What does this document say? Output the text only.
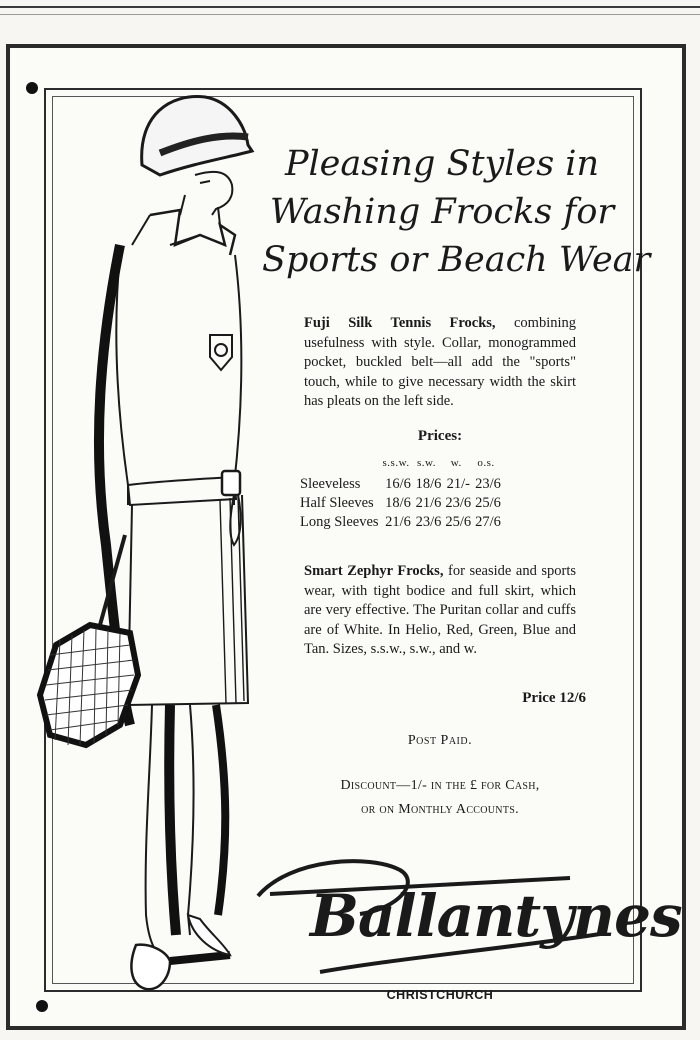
Pleasing Styles in
Washing Frocks for
Sports or Beach Wear
Fuji Silk Tennis Frocks, combining usefulness with style. Collar, monogrammed pocket, buckled belt—all add the "sports" touch, while to give necessary width the skirt has pleats on the left side.
Prices:
	s.s.w.	s.w.	w.	o.s.
Sleeveless	16/6	18/6	21/-	23/6
Half Sleeves	18/6	21/6	23/6	25/6
Long Sleeves	21/6	23/6	25/6	27/6
Smart Zephyr Frocks, for seaside and sports wear, with tight bodice and full skirt, which are very effective. The Puritan collar and cuffs are of White. In Helio, Red, Green, Blue and Tan. Sizes, s.s.w., s.w., and w.
Price 12/6
Post Paid.
Discount—1/- in the £ for Cash,
or on Monthly Accounts.
Ballantynes
CHRISTCHURCH
